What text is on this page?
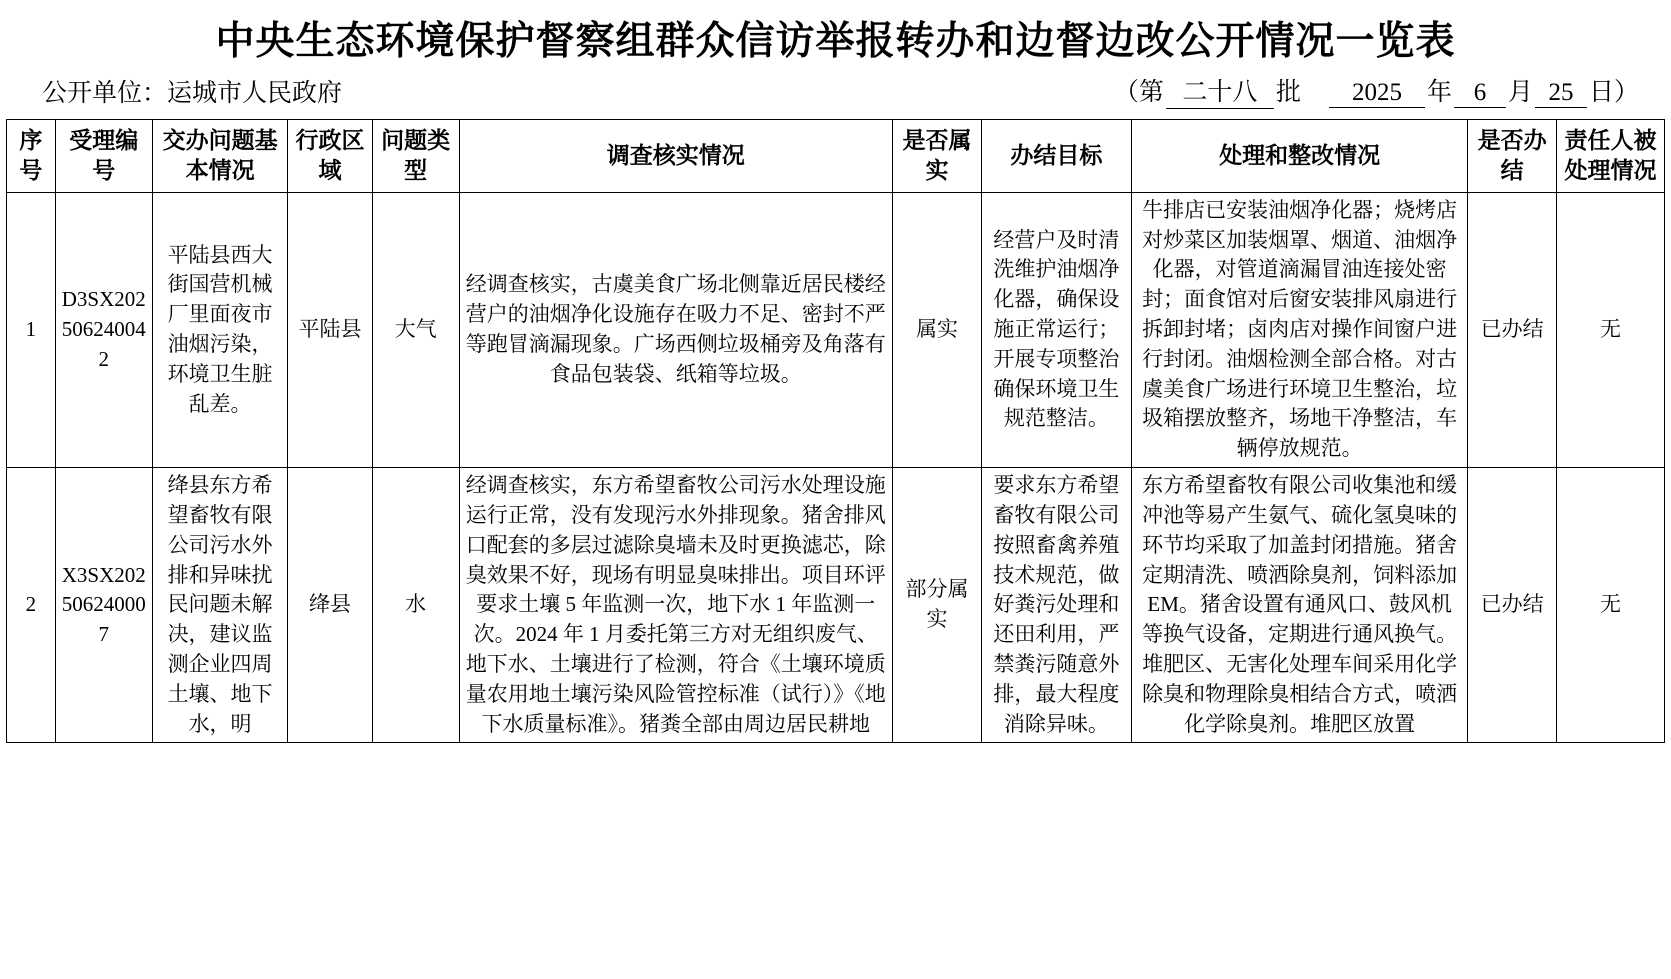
中央生态环境保护督察组群众信访举报转办和边督边改公开情况一览表
公开单位：运城市人民政府	（第 二十八 批	2025	年 6 月 25 日）
序号	受理编号	交办问题基本情况	行政区域	问题类型	调查核实情况	是否属实	办结目标	处理和整改情况	是否办结	责任人被处理情况
1	D3SX202506240042	平陆县西大街国营机械厂里面夜市油烟污染，环境卫生脏乱差。	平陆县	大气	经调查核实，古虞美食广场北侧靠近居民楼经营户的油烟净化设施存在吸力不足、密封不严等跑冒滴漏现象。广场西侧垃圾桶旁及角落有食品包装袋、纸箱等垃圾。	属实	经营户及时清洗维护油烟净化器，确保设施正常运行；开展专项整治确保环境卫生规范整洁。	牛排店已安装油烟净化器；烧烤店对炒菜区加装烟罩、烟道、油烟净化器，对管道滴漏冒油连接处密封；面食馆对后窗安装排风扇进行拆卸封堵；卤肉店对操作间窗户进行封闭。油烟检测全部合格。对古虞美食广场进行环境卫生整治，垃圾箱摆放整齐，场地干净整洁，车辆停放规范。	已办结	无
2	X3SX202506240007	绛县东方希望畜牧有限公司污水外排和异味扰民问题未解决，建议监测企业四周土壤、地下水，明	绛县	水	经调查核实，东方希望畜牧公司污水处理设施运行正常，没有发现污水外排现象。猪舍排风口配套的多层过滤除臭墙未及时更换滤芯，除臭效果不好，现场有明显臭味排出。项目环评要求土壤 5 年监测一次，地下水 1 年监测一次。2024 年 1 月委托第三方对无组织废气、地下水、土壤进行了检测，符合《土壤环境质量农用地土壤污染风险管控标准（试行）》《地下水质量标准》。猪粪全部由周边居民耕地	部分属实	要求东方希望畜牧有限公司按照畜禽养殖技术规范，做好粪污处理和还田利用，严禁粪污随意外排，最大程度消除异味。	东方希望畜牧有限公司收集池和缓冲池等易产生氨气、硫化氢臭味的环节均采取了加盖封闭措施。猪舍定期清洗、喷洒除臭剂，饲料添加EM。猪舍设置有通风口、鼓风机等换气设备，定期进行通风换气。堆肥区、无害化处理车间采用化学除臭和物理除臭相结合方式，喷洒化学除臭剂。堆肥区放置	已办结	无
